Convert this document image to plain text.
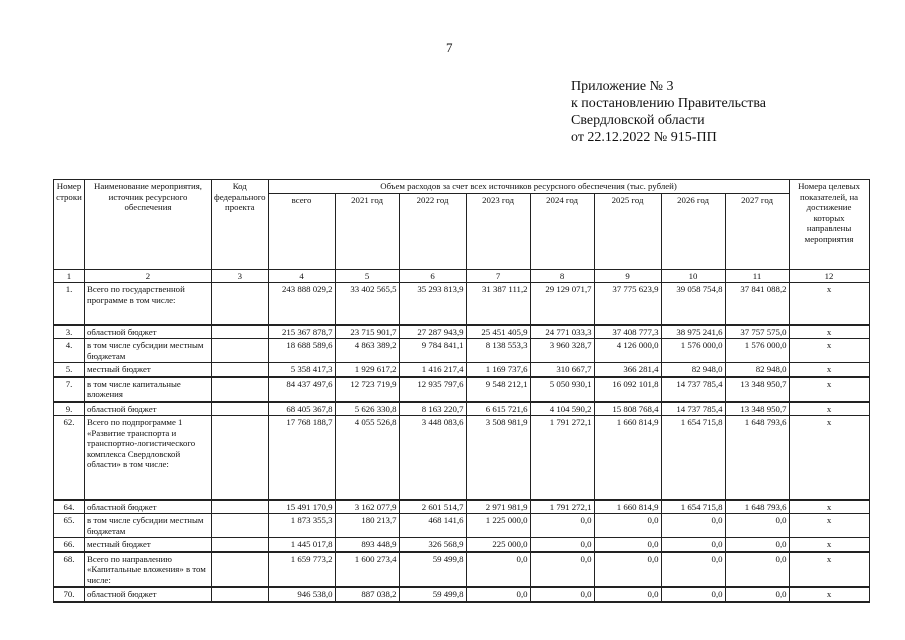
7
Приложение № 3
к постановлению Правительства
Свердловской области
от 22.12.2022 № 915-ПП
Номер строки	Наименование мероприятия, источник ресурсного обеспечения	Код федерального проекта	Объем расходов за счет всех источников ресурсного обеспечения (тыс. рублей)								Номера целевых показателей, на достижение которых направлены мероприятия
			всего	2021 год	2022 год	2023 год	2024 год	2025 год	2026 год	2027 год	
1	2	3	4	5	6	7	8	9	10	11	12
1.	Всего по государственной программе в том числе:		243 888 029,2	33 402 565,5	35 293 813,9	31 387 111,2	29 129 071,7	37 775 623,9	39 058 754,8	37 841 088,2	х
3.	областной бюджет		215 367 878,7	23 715 901,7	27 287 943,9	25 451 405,9	24 771 033,3	37 408 777,3	38 975 241,6	37 757 575,0	х
4.	в том числе субсидии местным бюджетам		18 688 589,6	4 863 389,2	9 784 841,1	8 138 553,3	3 960 328,7	4 126 000,0	1 576 000,0	1 576 000,0	х
5.	местный бюджет		5 358 417,3	1 929 617,2	1 416 217,4	1 169 737,6	310 667,7	366 281,4	82 948,0	82 948,0	х
7.	в том числе капитальные вложения		84 437 497,6	12 723 719,9	12 935 797,6	9 548 212,1	5 050 930,1	16 092 101,8	14 737 785,4	13 348 950,7	х
9.	областной бюджет		68 405 367,8	5 626 330,8	8 163 220,7	6 615 721,6	4 104 590,2	15 808 768,4	14 737 785,4	13 348 950,7	х
62.	Всего по подпрограмме 1 «Развитие транспорта и транспортно-логистического комплекса Свердловской области» в том числе:		17 768 188,7	4 055 526,8	3 448 083,6	3 508 981,9	1 791 272,1	1 660 814,9	1 654 715,8	1 648 793,6	х
64.	областной бюджет		15 491 170,9	3 162 077,9	2 601 514,7	2 971 981,9	1 791 272,1	1 660 814,9	1 654 715,8	1 648 793,6	х
65.	в том числе субсидии местным бюджетам		1 873 355,3	180 213,7	468 141,6	1 225 000,0	0,0	0,0	0,0	0,0	х
66.	местный бюджет		1 445 017,8	893 448,9	326 568,9	225 000,0	0,0	0,0	0,0	0,0	х
68.	Всего по направлению «Капитальные вложения» в том числе:		1 659 773,2	1 600 273,4	59 499,8	0,0	0,0	0,0	0,0	0,0	х
70.	областной бюджет		946 538,0	887 038,2	59 499,8	0,0	0,0	0,0	0,0	0,0	х
